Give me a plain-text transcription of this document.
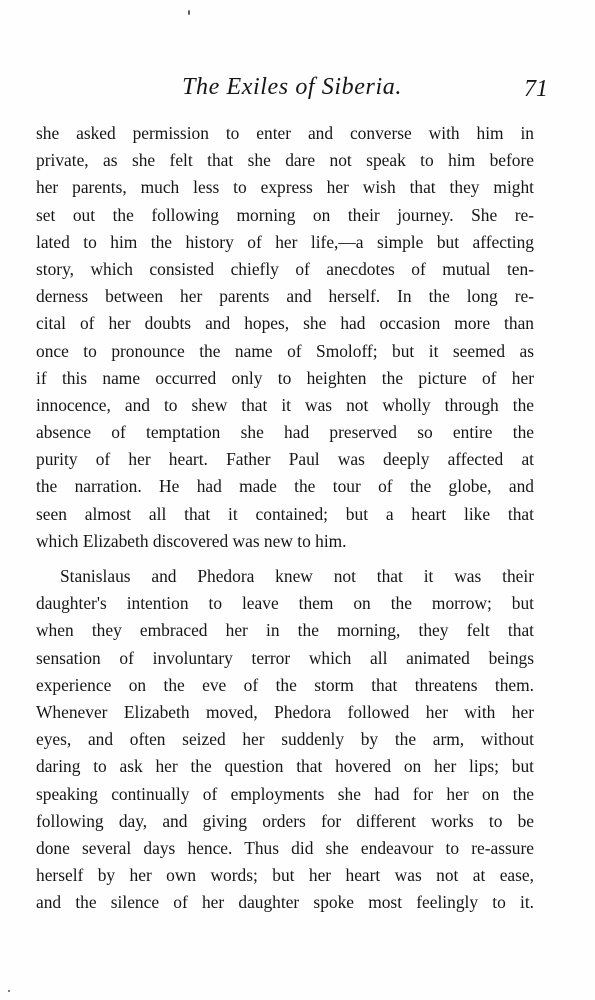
The Exiles of Siberia.	71
she asked permission to enter and converse with him in
private, as she felt that she dare not speak to him before
her parents, much less to express her wish that they might
set out the following morning on their journey. She re-
lated to him the history of her life,—a simple but affecting
story, which consisted chiefly of anecdotes of mutual ten-
derness between her parents and herself. In the long re-
cital of her doubts and hopes, she had occasion more than
once to pronounce the name of Smoloff; but it seemed as
if this name occurred only to heighten the picture of her
innocence, and to shew that it was not wholly through the
absence of temptation she had preserved so entire the
purity of her heart. Father Paul was deeply affected at
the narration. He had made the tour of the globe, and
seen almost all that it contained; but a heart like that
which Elizabeth discovered was new to him.
Stanislaus and Phedora knew not that it was their
daughter's intention to leave them on the morrow; but
when they embraced her in the morning, they felt that
sensation of involuntary terror which all animated beings
experience on the eve of the storm that threatens them.
Whenever Elizabeth moved, Phedora followed her with her
eyes, and often seized her suddenly by the arm, without
daring to ask her the question that hovered on her lips; but
speaking continually of employments she had for her on the
following day, and giving orders for different works to be
done several days hence. Thus did she endeavour to re-assure
herself by her own words; but her heart was not at ease,
and the silence of her daughter spoke most feelingly to it.
